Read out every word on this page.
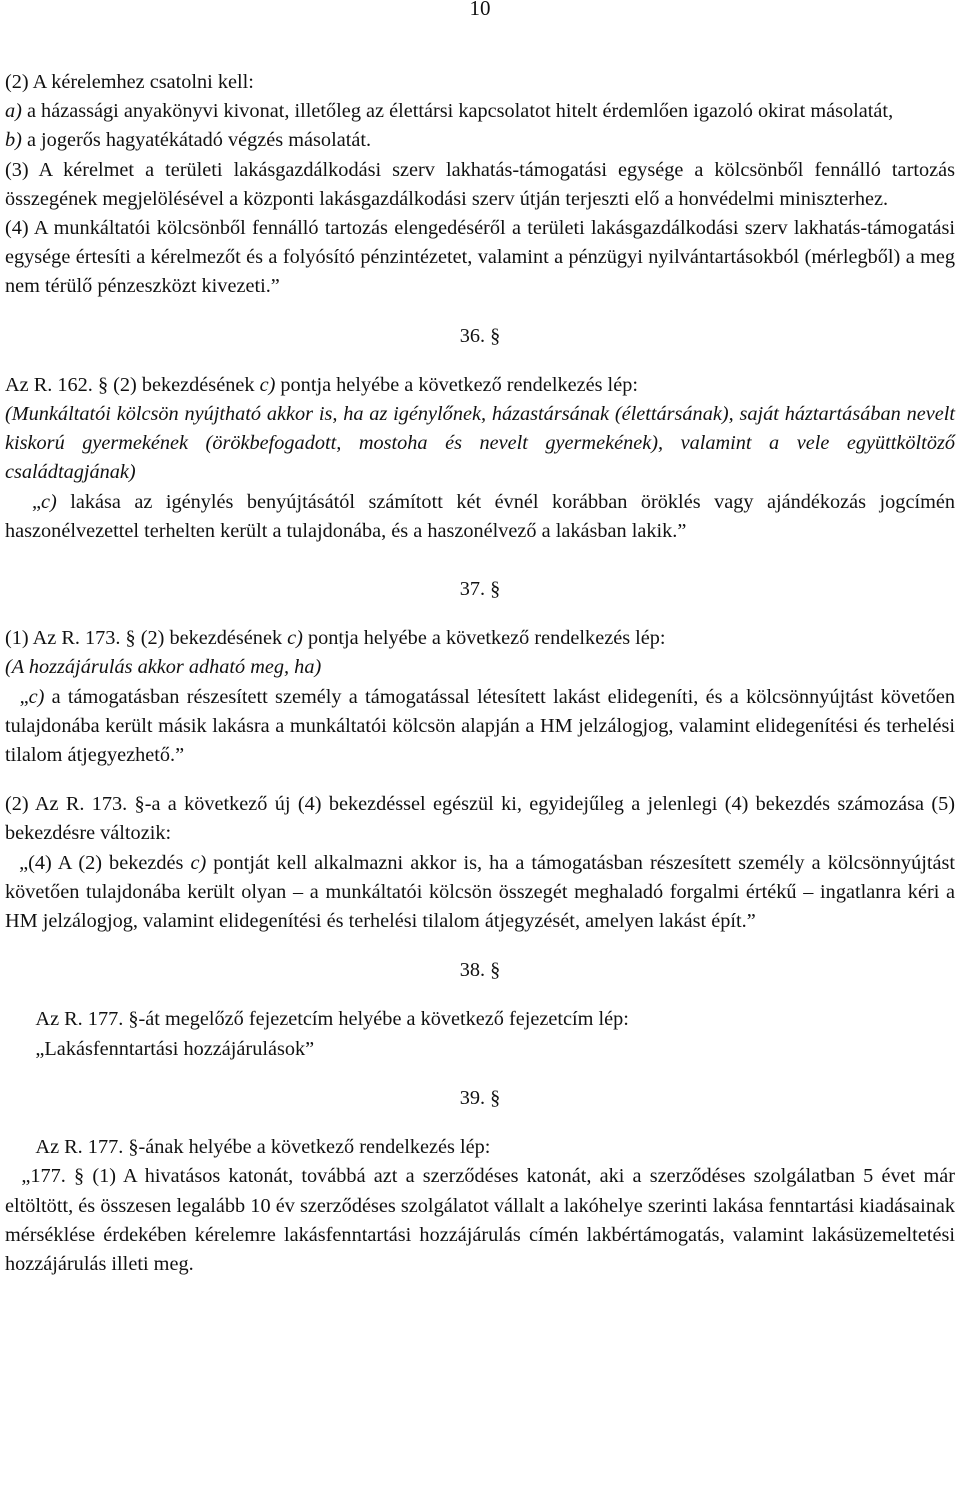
10

(2) A kérelemhez csatolni kell:

a) a házassági anyakönyvi kivonat, illetőleg az élettársi kapcsolatot hitelt érdemlően igazoló okirat másolatát,

b) a jogerős hagyatékátadó végzés másolatát.

(3) A kérelmet a területi lakásgazdálkodási szerv lakhatás-támogatási egysége a kölcsönből fennálló tartozás összegének megjelölésével a központi lakásgazdálkodási szerv útján terjeszti elő a honvédelmi miniszterhez.

(4) A munkáltatói kölcsönből fennálló tartozás elengedéséről a területi lakásgazdálkodási szerv lakhatás-támogatási egysége értesíti a kérelmezőt és a folyósító pénzintézetet, valamint a pénzügyi nyilvántartásokból (mérlegből) a meg nem térülő pénzeszközt kivezeti.”

36. §

Az R. 162. § (2) bekezdésének c) pontja helyébe a következő rendelkezés lép:

(Munkáltatói kölcsön nyújtható akkor is, ha az igénylőnek, házastársának (élettársának), saját háztartásában nevelt kiskorú gyermekének (örökbefogadott, mostoha és nevelt gyermekének), valamint a vele együttköltöző családtagjának)

„c) lakása az igénylés benyújtásától számított két évnél korábban öröklés vagy ajándékozás jogcímén haszonélvezettel terhelten került a tulajdonába, és a haszonélvező a lakásban lakik.”

37. §

(1) Az R. 173. § (2) bekezdésének c) pontja helyébe a következő rendelkezés lép:

(A hozzájárulás akkor adható meg, ha)

„c) a támogatásban részesített személy a támogatással létesített lakást elidegeníti, és a kölcsönnyújtást követően tulajdonába került másik lakásra a munkáltatói kölcsön alapján a HM jelzálogjog, valamint elidegenítési és terhelési tilalom átjegyezhető.”

(2) Az R. 173. §-a a következő új (4) bekezdéssel egészül ki, egyidejűleg a jelenlegi (4) bekezdés számozása (5) bekezdésre változik:

„(4) A (2) bekezdés c) pontját kell alkalmazni akkor is, ha a támogatásban részesített személy a kölcsönnyújtást követően tulajdonába került olyan – a munkáltatói kölcsön összegét meghaladó forgalmi értékű – ingatlanra kéri a HM jelzálogjog, valamint elidegenítési és terhelési tilalom átjegyzését, amelyen lakást épít.”

38. §

Az R. 177. §-át megelőző fejezetcím helyébe a következő fejezetcím lép:

„Lakásfenntartási hozzájárulások”

39. §

Az R. 177. §-ának helyébe a következő rendelkezés lép:

„177. § (1) A hivatásos katonát, továbbá azt a szerződéses katonát, aki a szerződéses szolgálatban 5 évet már eltöltött, és összesen legalább 10 év szerződéses szolgálatot vállalt a lakóhelye szerinti lakása fenntartási kiadásainak mérséklése érdekében kérelemre lakásfenntartási hozzájárulás címén lakbértámogatás, valamint lakásüzemeltetési hozzájárulás illeti meg.
